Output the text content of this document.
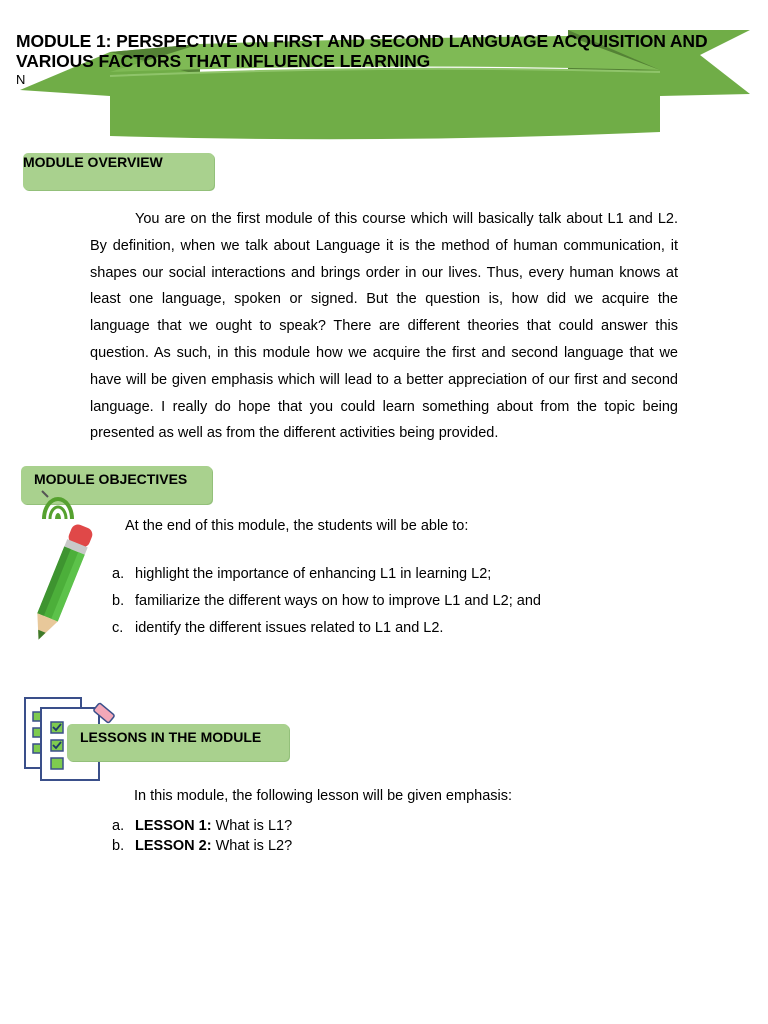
MODULE 1: PERSPECTIVE ON FIRST AND SECOND LANGUAGE ACQUISITION AND VARIOUS FACTORS THAT INFLUENCE LEARNING
N
MODULE OVERVIEW
You are on the first module of this course which will basically talk about L1 and L2. By definition, when we talk about Language it is the method of human communication, it shapes our social interactions and brings order in our lives. Thus, every human knows at least one language, spoken or signed. But the question is, how did we acquire the language that we ought to speak? There are different theories that could answer this question. As such, in this module how we acquire the first and second language that we have will be given emphasis which will lead to a better appreciation of our first and second language. I really do hope that you could learn something about from the topic being presented as well as from the different activities being provided.
MODULE OBJECTIVES
At the end of this module, the students will be able to:
a. highlight the importance of enhancing L1 in learning L2;
b. familiarize the different ways on how to improve L1 and L2; and
c. identify the different issues related to L1 and L2.
LESSONS IN THE MODULE
In this module, the following lesson will be given emphasis:
a. LESSON 1: What is L1?
b. LESSON 2: What is L2?
